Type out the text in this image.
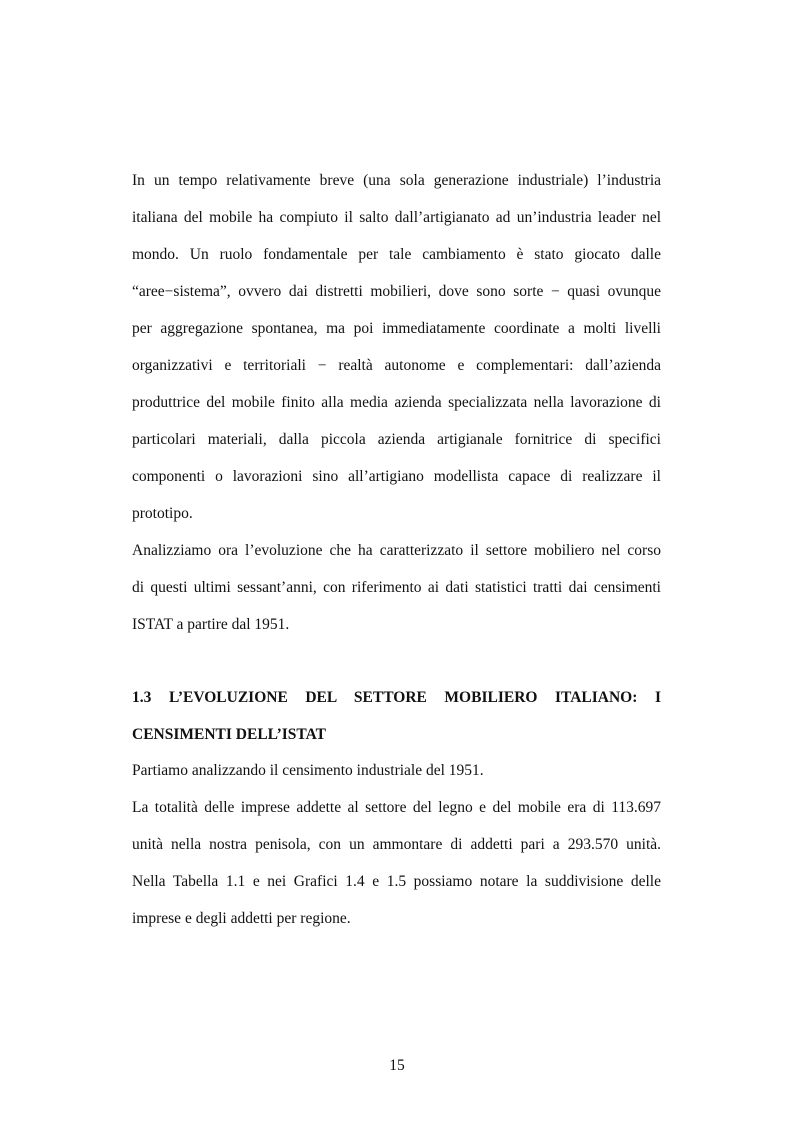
In un tempo relativamente breve (una sola generazione industriale) l’industria
italiana del mobile ha compiuto il salto dall’artigianato ad un’industria leader nel
mondo. Un ruolo fondamentale per tale cambiamento è stato giocato dalle
“aree−sistema”, ovvero dai distretti mobilieri, dove sono sorte − quasi ovunque
per aggregazione spontanea, ma poi immediatamente coordinate a molti livelli
organizzativi e territoriali − realtà autonome e complementari: dall’azienda
produttrice del mobile finito alla media azienda specializzata nella lavorazione di
particolari materiali, dalla piccola azienda artigianale fornitrice di specifici
componenti o lavorazioni sino all’artigiano modellista capace di realizzare il
prototipo.
Analizziamo ora l’evoluzione che ha caratterizzato il settore mobiliero nel corso
di questi ultimi sessant’anni, con riferimento ai dati statistici tratti dai censimenti
ISTAT a partire dal 1951.
1.3 L’EVOLUZIONE DEL SETTORE MOBILIERO ITALIANO: I
CENSIMENTI DELL’ISTAT
Partiamo analizzando il censimento industriale del 1951.
La totalità delle imprese addette al settore del legno e del mobile era di 113.697
unità nella nostra penisola, con un ammontare di addetti pari a 293.570 unità.
Nella Tabella 1.1 e nei Grafici 1.4 e 1.5 possiamo notare la suddivisione delle
imprese e degli addetti per regione.
15
